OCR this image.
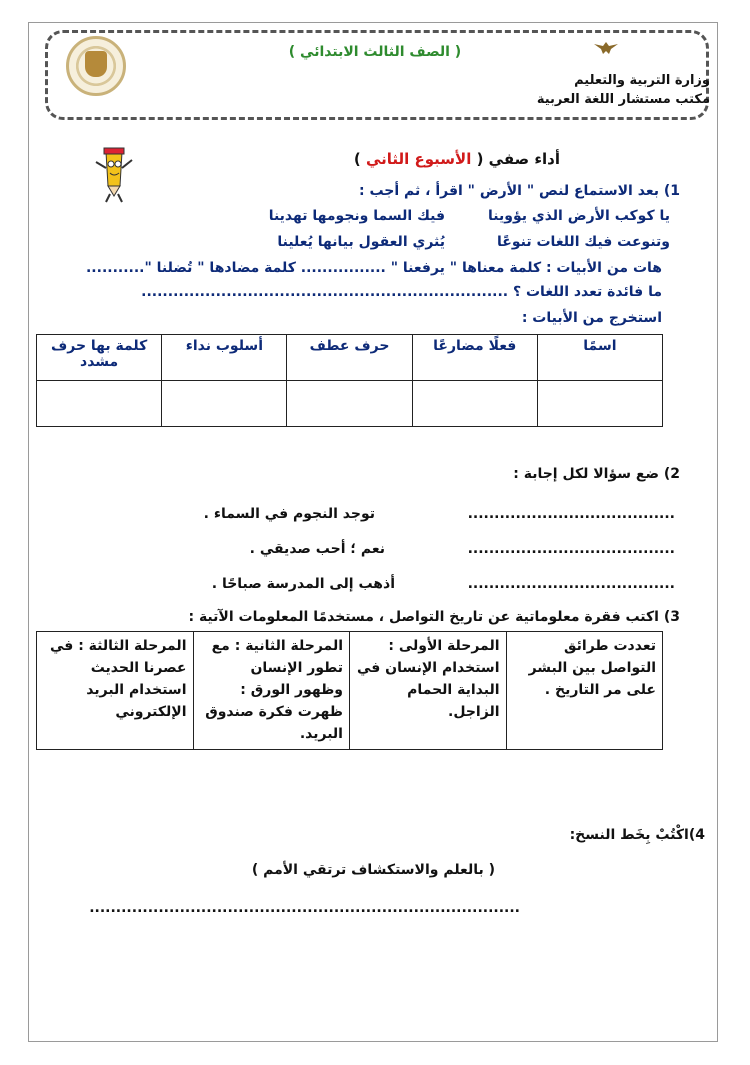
( الصف الثالث الابتدائي )
وزارة التربية والتعليم
مكتب مستشار اللغة العربية
أداء صفي ( الأسبوع الثاني )
1) بعد الاستماع لنص " الأرض " اقرأ ، ثم أجب :
يا كوكب الأرض الذي يؤوينا
فيك السما ونجومها تهدينا
وتنوعت فيك اللغات تنوعًا
يُثري العقول بيانها يُعلينا
هات من الأبيات : كلمة معناها " يرفعنا " ................ كلمة مضادها " تُضلنا "...........
ما فائدة تعدد اللغات ؟ .....................................................................
استخرج من الأبيات :
اسمًا	فعلًا مضارعًا	حرف عطف	أسلوب نداء	كلمة بها حرف مشدد

2) ضع سؤالا لكل إجابة :
توجد النجوم في السماء .	.......................................
نعم ؛ أحب صديقي .	.......................................
أذهب إلى المدرسة صباحًا .	.......................................
3) اكتب فقرة معلوماتية عن تاريخ التواصل ، مستخدمًا المعلومات الآتية :
تعددت طرائق التواصل بين البشر على مر التاريخ .	المرحلة الأولى : استخدام الإنسان في البداية الحمام الزاجل.	المرحلة الثانية : مع تطور الإنسان وظهور الورق : ظهرت فكرة صندوق البريد.	المرحلة الثالثة : في عصرنا الحديث استخدام البريد الإلكتروني
4)اكْتُبْ بِخَط النسخ:
( بالعلم والاستكشاف ترتقي الأمم )
.................................................................................
